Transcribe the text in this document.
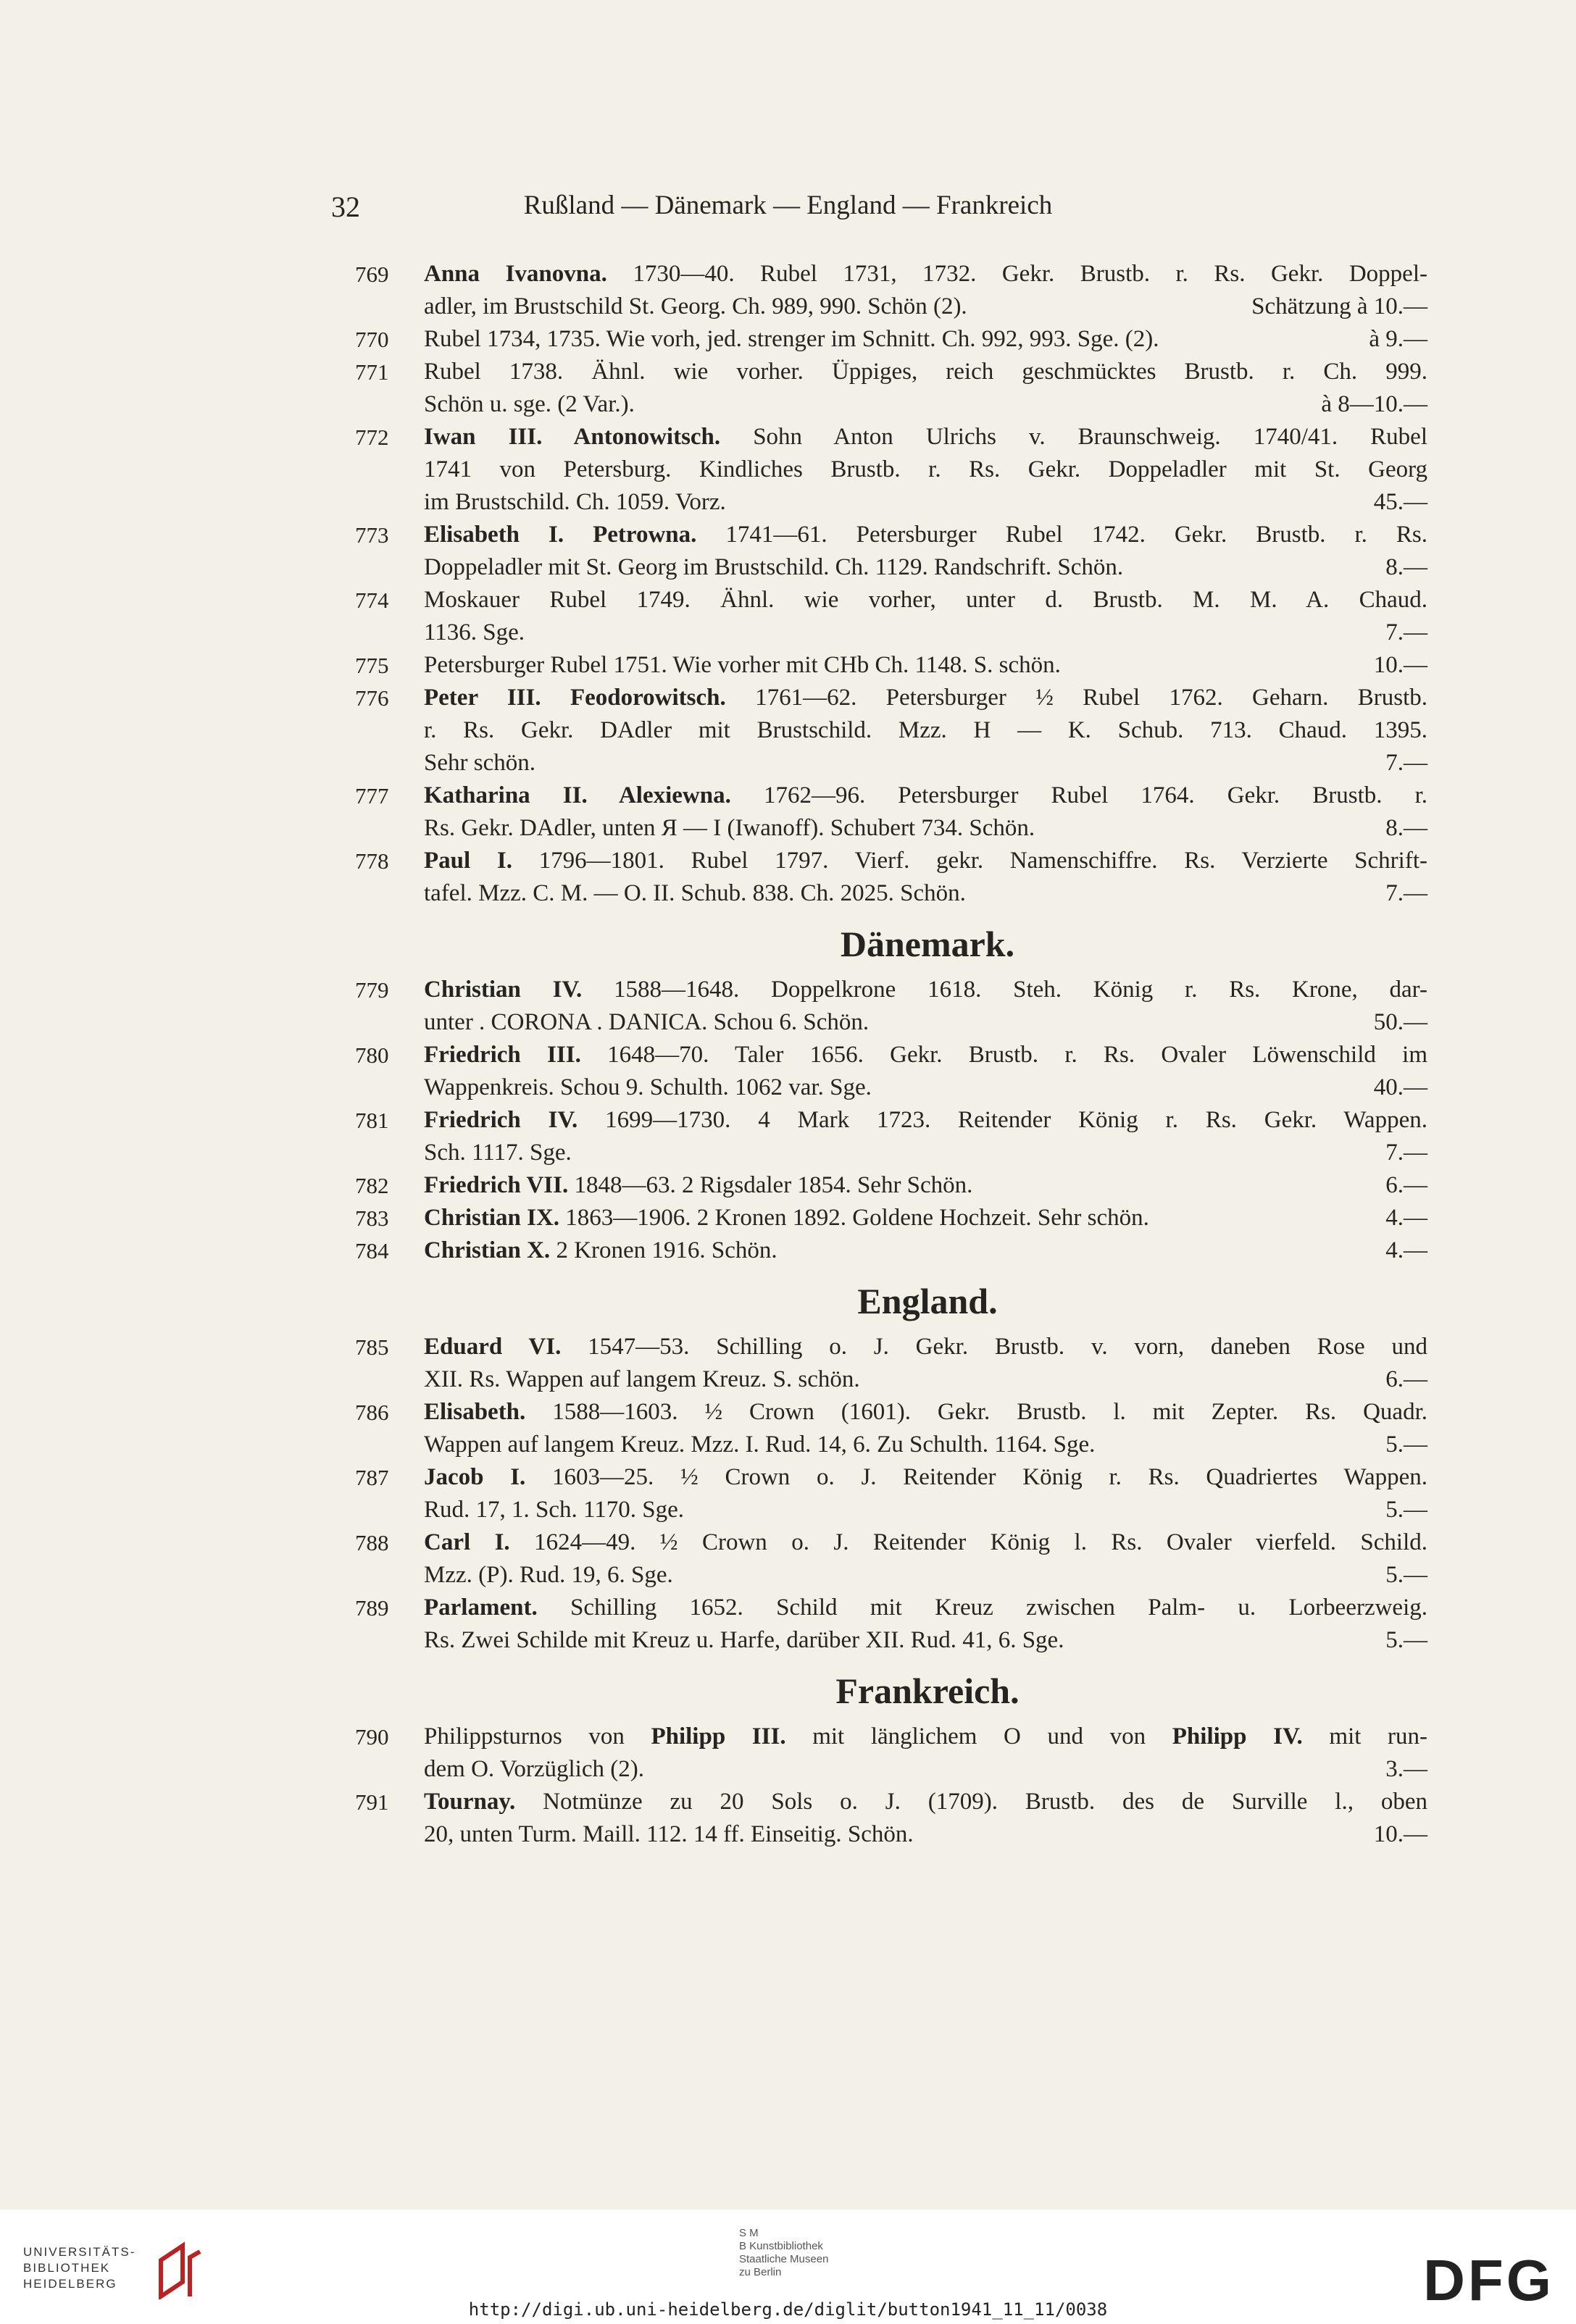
32	Rußland — Dänemark — England — Frankreich
769 Anna Ivanovna. 1730—40. Rubel 1731, 1732. Gekr. Brustb. r. Rs. Gekr. Doppel-
adler, im Brustschild St. Georg. Ch. 989, 990. Schön (2).	Schätzung à 10.—
770 Rubel 1734, 1735. Wie vorh, jed. strenger im Schnitt. Ch. 992, 993. Sge. (2).	à 9.—
771 Rubel 1738. Ähnl. wie vorher. Üppiges, reich geschmücktes Brustb. r. Ch. 999.
Schön u. sge. (2 Var.).	à 8—10.—
772 Iwan III. Antonowitsch. Sohn Anton Ulrichs v. Braunschweig. 1740/41. Rubel
1741 von Petersburg. Kindliches Brustb. r. Rs. Gekr. Doppeladler mit St. Georg
im Brustschild. Ch. 1059. Vorz.	45.—
773 Elisabeth I. Petrowna. 1741—61. Petersburger Rubel 1742. Gekr. Brustb. r. Rs.
Doppeladler mit St. Georg im Brustschild. Ch. 1129. Randschrift. Schön.	8.—
774 Moskauer Rubel 1749. Ähnl. wie vorher, unter d. Brustb. M. M. A. Chaud.
1136. Sge.	7.—
775 Petersburger Rubel 1751. Wie vorher mit CHb Ch. 1148. S. schön.	10.—
776 Peter III. Feodorowitsch. 1761—62. Petersburger ½ Rubel 1762. Geharn. Brustb.
r. Rs. Gekr. DAdler mit Brustschild. Mzz. H — K. Schub. 713. Chaud. 1395.
Sehr schön.	7.—
777 Katharina II. Alexiewna. 1762—96. Petersburger Rubel 1764. Gekr. Brustb. r.
Rs. Gekr. DAdler, unten Я — I (Iwanoff). Schubert 734. Schön.	8.—
778 Paul I. 1796—1801. Rubel 1797. Vierf. gekr. Namenschiffre. Rs. Verzierte Schrift-
tafel. Mzz. C. M. — O. II. Schub. 838. Ch. 2025. Schön.	7.—
Dänemark.
779 Christian IV. 1588—1648. Doppelkrone 1618. Steh. König r. Rs. Krone, dar-
unter . CORONA . DANICA. Schou 6. Schön.	50.—
780 Friedrich III. 1648—70. Taler 1656. Gekr. Brustb. r. Rs. Ovaler Löwenschild im
Wappenkreis. Schou 9. Schulth. 1062 var. Sge.	40.—
781 Friedrich IV. 1699—1730. 4 Mark 1723. Reitender König r. Rs. Gekr. Wappen.
Sch. 1117. Sge.	7.—
782 Friedrich VII. 1848—63. 2 Rigsdaler 1854. Sehr Schön.	6.—
783 Christian IX. 1863—1906. 2 Kronen 1892. Goldene Hochzeit. Sehr schön.	4.—
784 Christian X. 2 Kronen 1916. Schön.	4.—
England.
785 Eduard VI. 1547—53. Schilling o. J. Gekr. Brustb. v. vorn, daneben Rose und
XII. Rs. Wappen auf langem Kreuz. S. schön.	6.—
786 Elisabeth. 1588—1603. ½ Crown (1601). Gekr. Brustb. l. mit Zepter. Rs. Quadr.
Wappen auf langem Kreuz. Mzz. I. Rud. 14, 6. Zu Schulth. 1164. Sge.	5.—
787 Jacob I. 1603—25. ½ Crown o. J. Reitender König r. Rs. Quadriertes Wappen.
Rud. 17, 1. Sch. 1170. Sge.	5.—
788 Carl I. 1624—49. ½ Crown o. J. Reitender König l. Rs. Ovaler vierfeld. Schild.
Mzz. (P). Rud. 19, 6. Sge.	5.—
789 Parlament. Schilling 1652. Schild mit Kreuz zwischen Palm- u. Lorbeerzweig.
Rs. Zwei Schilde mit Kreuz u. Harfe, darüber XII. Rud. 41, 6. Sge.	5.—
Frankreich.
790 Philippsturnos von Philipp III. mit länglichem O und von Philipp IV. mit run-
dem O. Vorzüglich (2).	3.—
791 Tournay. Notmünze zu 20 Sols o. J. (1709). Brustb. des de Surville l., oben
20, unten Turm. Maill. 112. 14 ff. Einseitig. Schön.	10.—
UNIVERSITÄTS-
BIBLIOTHEK
HEIDELBERG
S M
B Kunstbibliothek
Staatliche Museen
zu Berlin	DFG
http://digi.ub.uni-heidelberg.de/diglit/button1941_11_11/0038
